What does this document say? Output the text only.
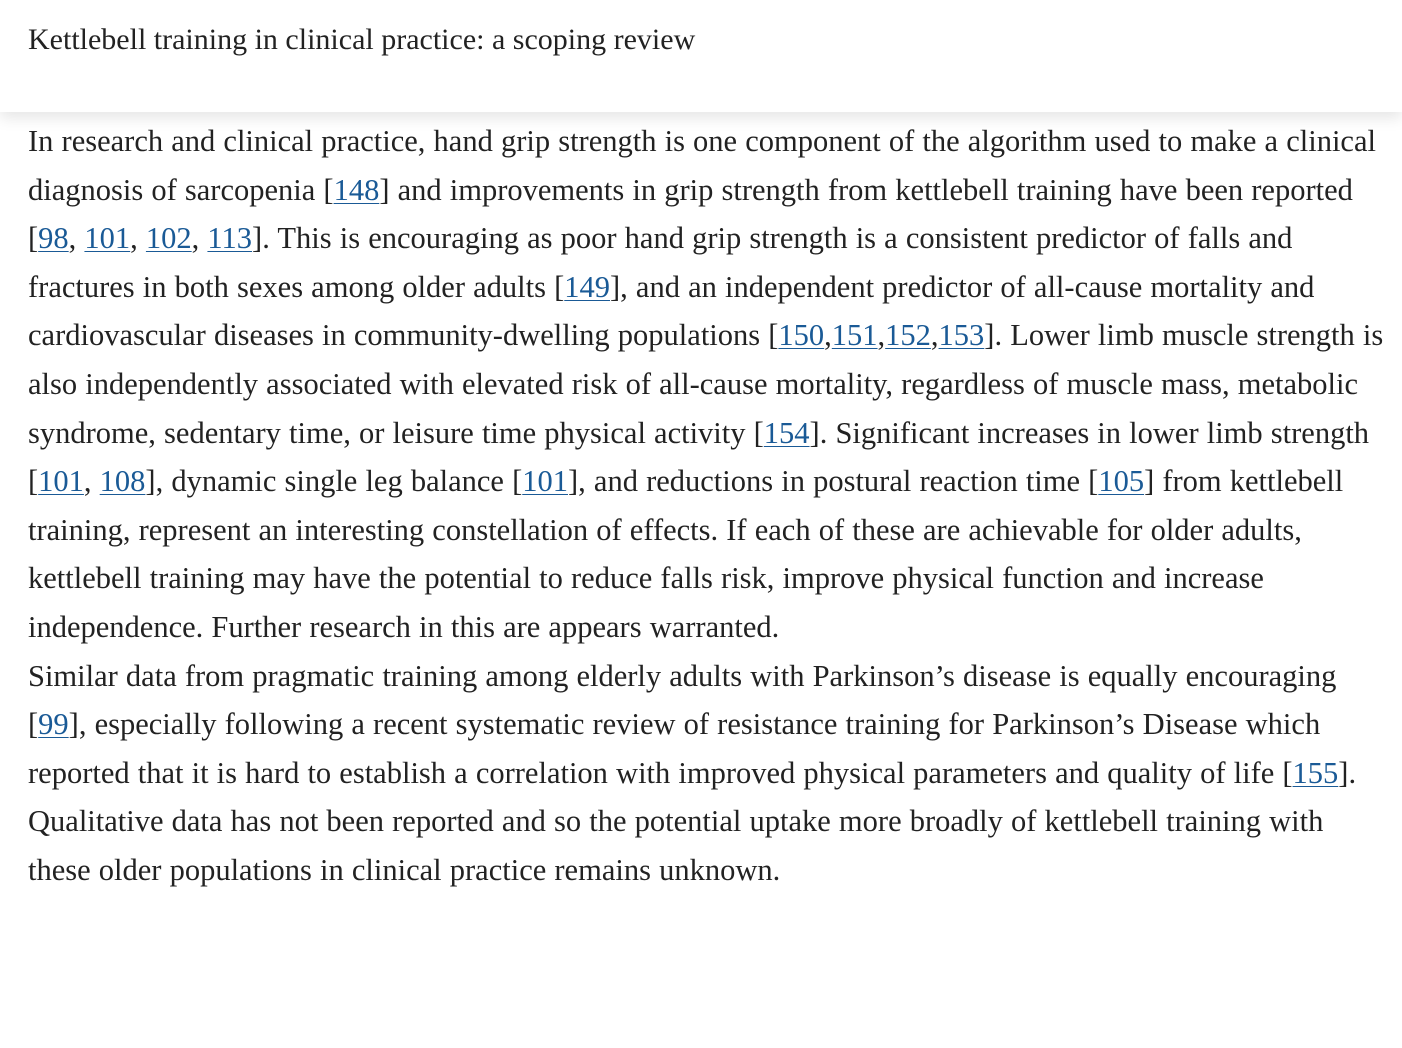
Kettlebell training in clinical practice: a scoping review

In research and clinical practice, hand grip strength is one component of the algorithm used to make a clinical diagnosis of sarcopenia [148] and improvements in grip strength from kettlebell training have been reported [98, 101, 102, 113]. This is encouraging as poor hand grip strength is a consistent predictor of falls and fractures in both sexes among older adults [149], and an independent predictor of all-cause mortality and cardiovascular diseases in community-dwelling populations [150,151,152,153]. Lower limb muscle strength is also independently associated with elevated risk of all-cause mortality, regardless of muscle mass, metabolic syndrome, sedentary time, or leisure time physical activity [154]. Significant increases in lower limb strength [101, 108], dynamic single leg balance [101], and reductions in postural reaction time [105] from kettlebell training, represent an interesting constellation of effects. If each of these are achievable for older adults, kettlebell training may have the potential to reduce falls risk, improve physical function and increase independence. Further research in this are appears warranted.

Similar data from pragmatic training among elderly adults with Parkinson’s disease is equally encouraging [99], especially following a recent systematic review of resistance training for Parkinson’s Disease which reported that it is hard to establish a correlation with improved physical parameters and quality of life [155]. Qualitative data has not been reported and so the potential uptake more broadly of kettlebell training with these older populations in clinical practice remains unknown.
